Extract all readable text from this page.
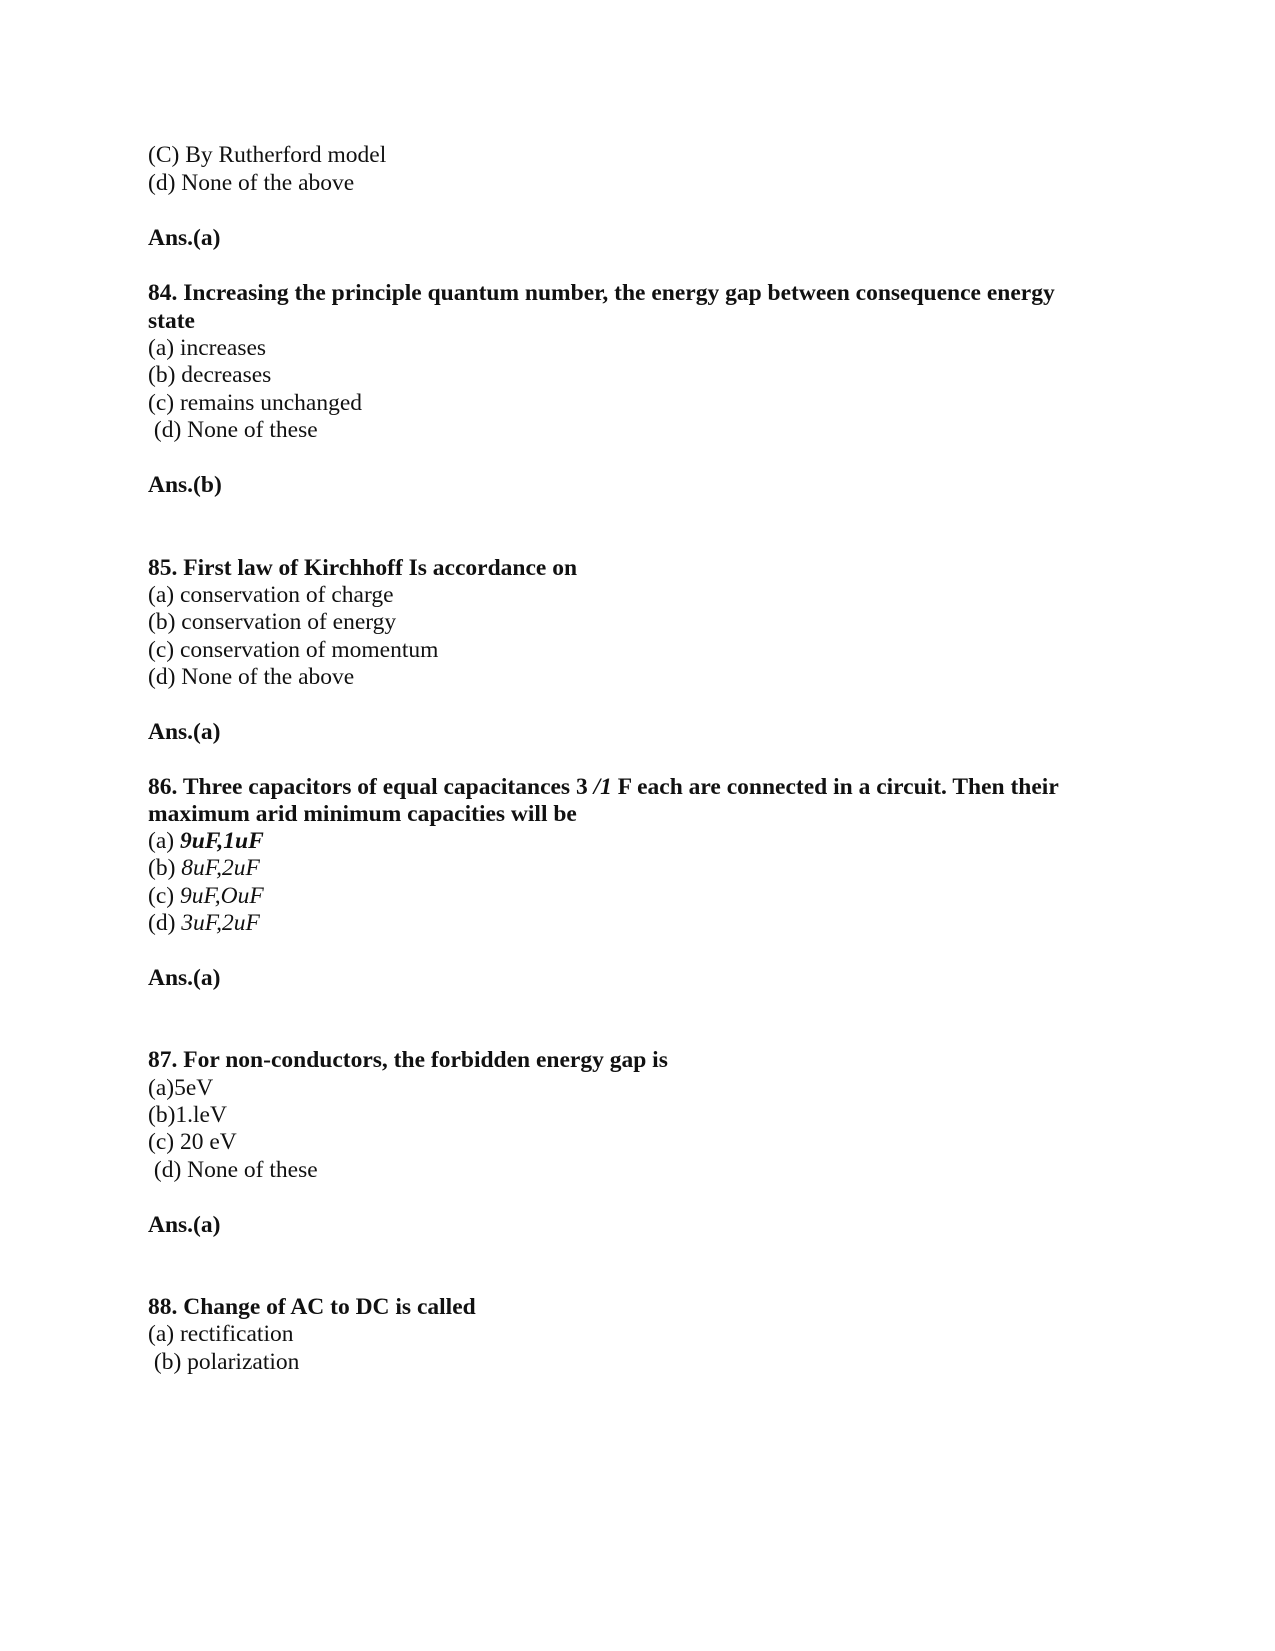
(C) By Rutherford model

(d) None of the above

Ans.(a)

84. Increasing the principle quantum number, the energy gap between consequence energy

state

(a) increases

(b) decreases

(c) remains unchanged

(d) None of these

Ans.(b)

85. First law of Kirchhoff Is accordance on

(a) conservation of charge

(b) conservation of energy

(c) conservation of momentum

(d) None of the above

Ans.(a)

86. Three capacitors of equal capacitances 3 /1 F each are connected in a circuit. Then their

maximum arid minimum capacities will be

(a) 9uF,1uF

(b) 8uF,2uF

(c) 9uF,OuF

(d) 3uF,2uF

Ans.(a)

87. For non-conductors, the forbidden energy gap is

(a)5eV

(b)1.leV

(c) 20 eV

(d) None of these

Ans.(a)

88. Change of AC to DC is called

(a) rectification

(b) polarization
